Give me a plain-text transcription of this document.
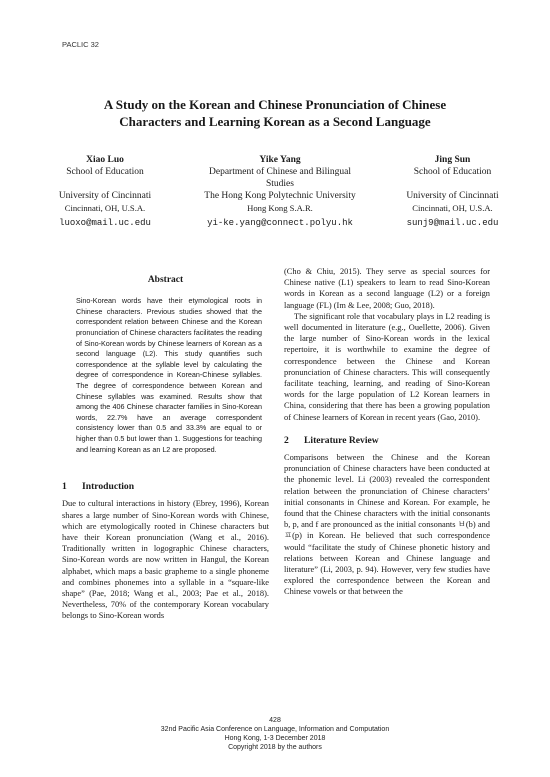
PACLIC 32
A Study on the Korean and Chinese Pronunciation of Chinese
Characters and Learning Korean as a Second Language
Xiao Luo
School of Education
University of Cincinnati
Cincinnati, OH, U.S.A.
luoxo@mail.uc.edu
Yike Yang
Department of Chinese and Bilingual
Studies
The Hong Kong Polytechnic University
Hong Kong S.A.R.
yi-ke.yang@connect.polyu.hk
Jing Sun
School of Education
University of Cincinnati
Cincinnati, OH, U.S.A.
sunj9@mail.uc.edu
Abstract

Sino-Korean words have their etymological roots in Chinese characters. Previous studies showed that the correspondent relation between Chinese and the Korean pronunciation of Chinese characters facilitates the reading of Sino-Korean words by Chinese learners of Korean as a second language (L2). This study quantifies such correspondence at the syllable level by calculating the degree of correspondence in Korean-Chinese syllables. The degree of correspondence between Korean and Chinese syllables was examined. Results show that among the 406 Chinese character families in Sino-Korean words, 22.7% have an average correspondent consistency lower than 0.5 and 33.3% are equal to or higher than 0.5 but lower than 1. Suggestions for teaching and learning Korean as an L2 are proposed.

1 Introduction

Due to cultural interactions in history (Ebrey, 1996), Korean shares a large number of Sino-Korean words with Chinese, which are etymologically rooted in Chinese characters but have their Korean pronunciation (Wang et al., 2016). Traditionally written in logographic Chinese characters, Sino-Korean words are now written in Hangul, the Korean alphabet, which maps a basic grapheme to a single phoneme and combines phonemes into a syllable in a “square-like shape” (Pae, 2018; Wang et al., 2003; Pae et al., 2018). Nevertheless, 70% of the contemporary Korean vocabulary belongs to Sino-Korean words

(Cho & Chiu, 2015). They serve as special sources for Chinese native (L1) speakers to learn to read Sino-Korean words in Korean as a second language (L2) or a foreign language (FL) (Im & Lee, 2008; Guo, 2018).

The significant role that vocabulary plays in L2 reading is well documented in literature (e.g., Ouellette, 2006). Given the large number of Sino-Korean words in the lexical repertoire, it is worthwhile to examine the degree of correspondence between the Chinese and Korean pronunciation of Chinese characters. This will consequently facilitate teaching, learning, and reading of Sino-Korean words for the large population of L2 Korean learners in China, considering that there has been a growing population of Chinese learners of Korean in recent years (Gao, 2010).

2 Literature Review

Comparisons between the Chinese and the Korean pronunciation of Chinese characters have been conducted at the phonemic level. Li (2003) revealed the correspondent relation between the pronunciation of Chinese characters’ initial consonants in Chinese and Korean. For example, he found that the Chinese characters with the initial consonants b, p, and f are pronounced as the initial consonants ㅂ(b) and ㅍ(p) in Korean. He believed that such correspondence would “facilitate the study of Chinese phonetic history and relations between Korean and Chinese language and literature” (Li, 2003, p. 94). However, very few studies have explored the correspondence between the Korean and Chinese vowels or that between the

428
32nd Pacific Asia Conference on Language, Information and Computation
Hong Kong, 1-3 December 2018
Copyright 2018 by the authors
